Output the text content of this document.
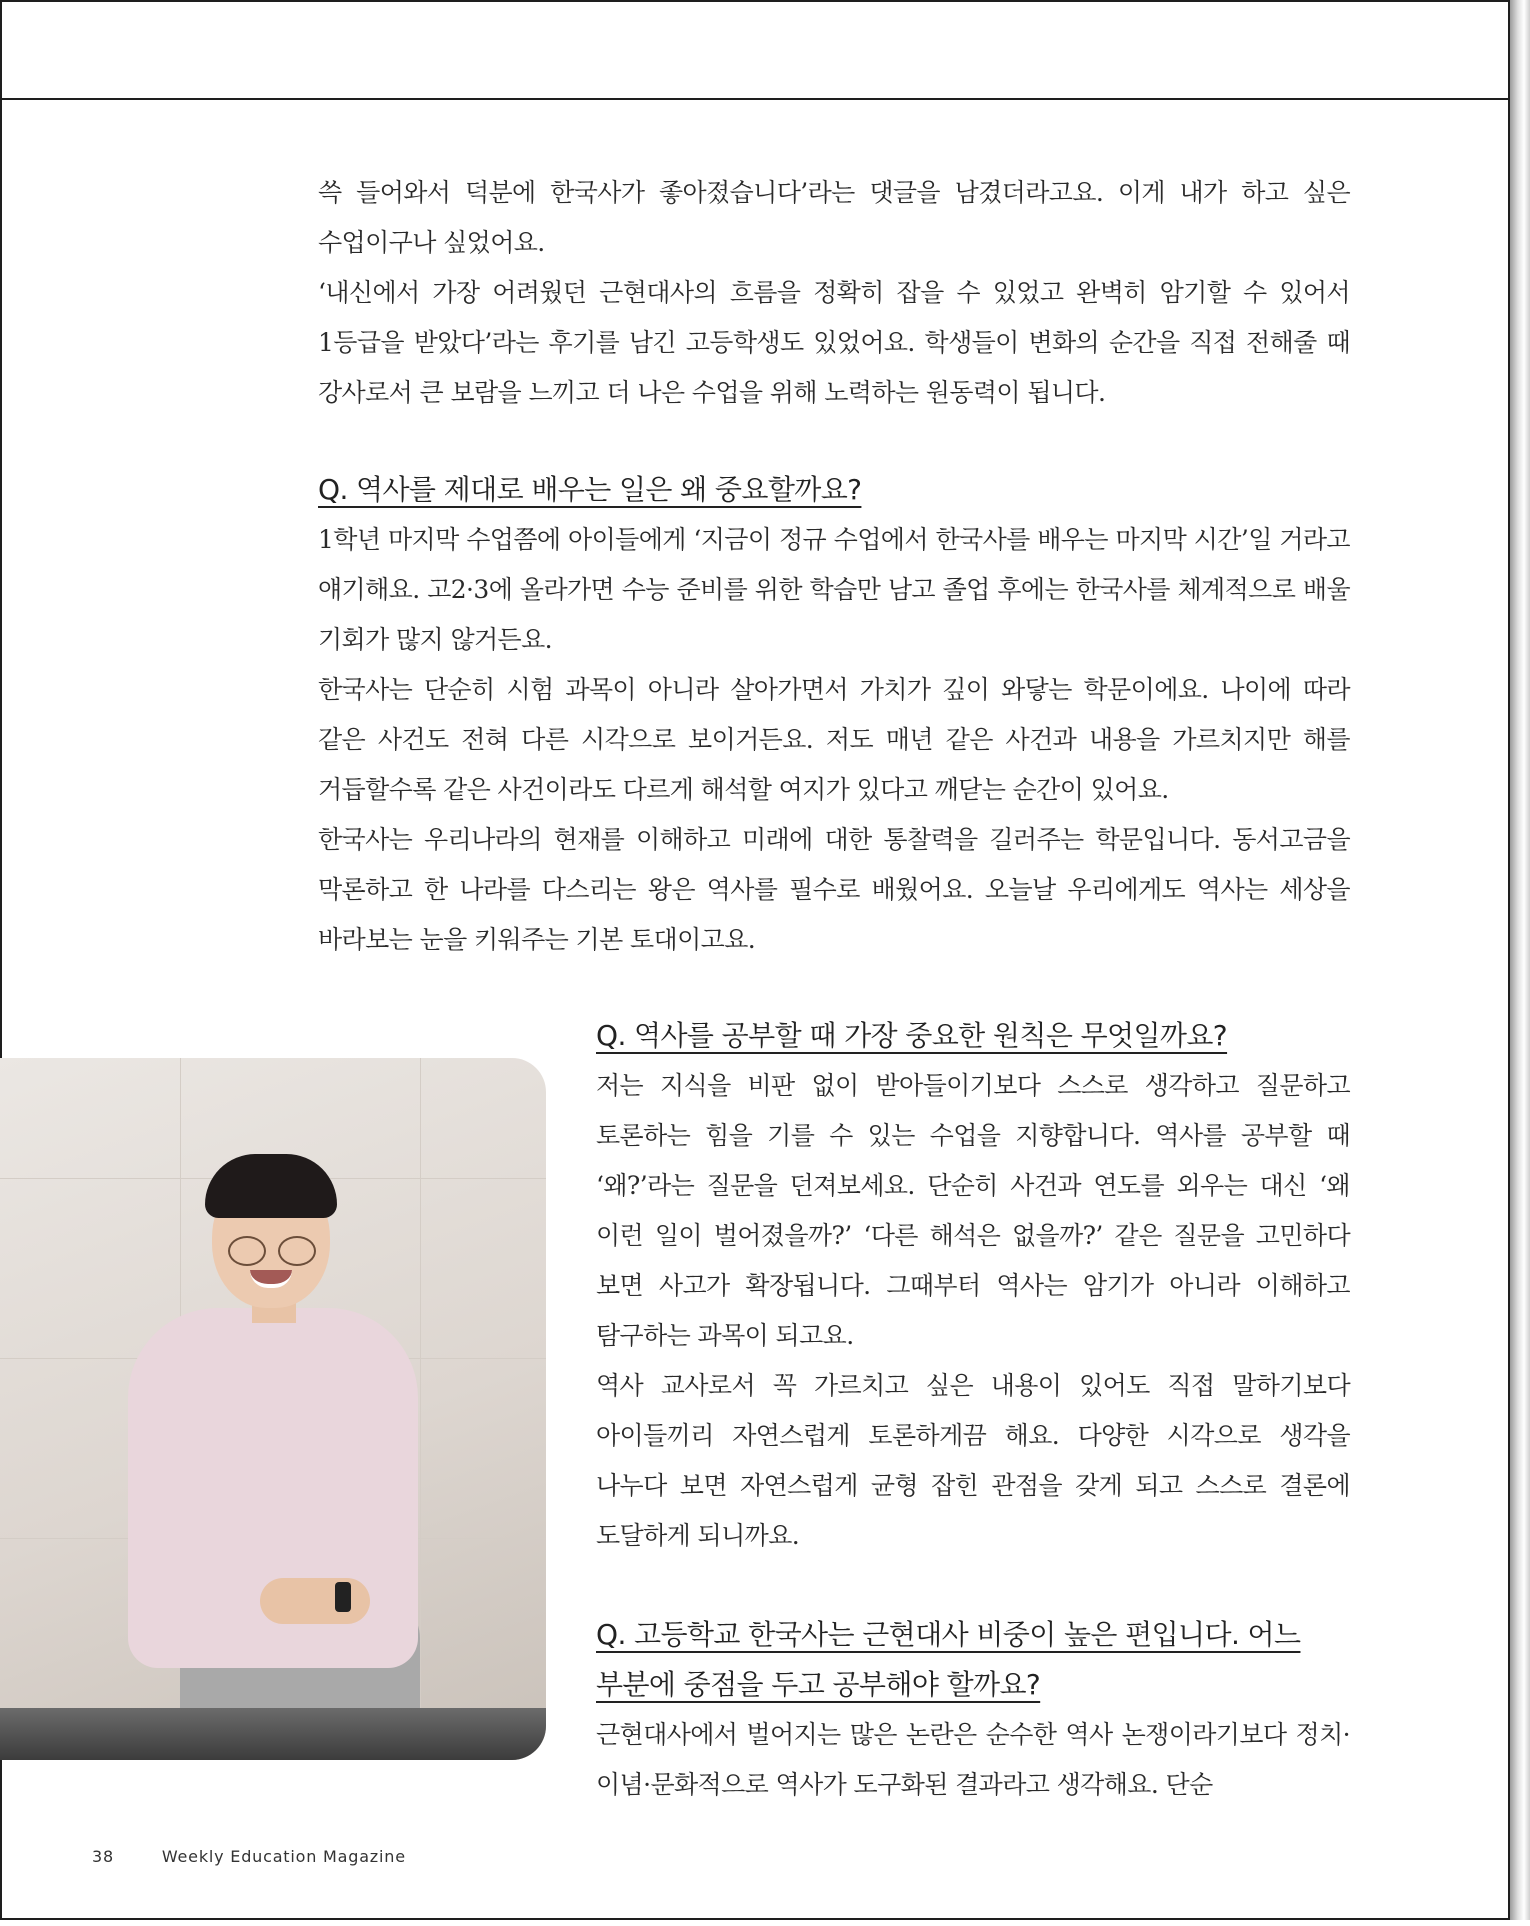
쓱 들어와서 덕분에 한국사가 좋아졌습니다’라는 댓글을 남겼더라고요. 이게 내가 하고 싶은 수업이구나 싶었어요.

‘내신에서 가장 어려웠던 근현대사의 흐름을 정확히 잡을 수 있었고 완벽히 암기할 수 있어서 1등급을 받았다’라는 후기를 남긴 고등학생도 있었어요. 학생들이 변화의 순간을 직접 전해줄 때 강사로서 큰 보람을 느끼고 더 나은 수업을 위해 노력하는 원동력이 됩니다.

Q. 역사를 제대로 배우는 일은 왜 중요할까요?

1학년 마지막 수업쯤에 아이들에게 ‘지금이 정규 수업에서 한국사를 배우는 마지막 시간’일 거라고 얘기해요. 고2·3에 올라가면 수능 준비를 위한 학습만 남고 졸업 후에는 한국사를 체계적으로 배울 기회가 많지 않거든요.

한국사는 단순히 시험 과목이 아니라 살아가면서 가치가 깊이 와닿는 학문이에요. 나이에 따라 같은 사건도 전혀 다른 시각으로 보이거든요. 저도 매년 같은 사건과 내용을 가르치지만 해를 거듭할수록 같은 사건이라도 다르게 해석할 여지가 있다고 깨닫는 순간이 있어요.

한국사는 우리나라의 현재를 이해하고 미래에 대한 통찰력을 길러주는 학문입니다. 동서고금을 막론하고 한 나라를 다스리는 왕은 역사를 필수로 배웠어요. 오늘날 우리에게도 역사는 세상을 바라보는 눈을 키워주는 기본 토대이고요.

Q. 역사를 공부할 때 가장 중요한 원칙은 무엇일까요?

저는 지식을 비판 없이 받아들이기보다 스스로 생각하고 질문하고 토론하는 힘을 기를 수 있는 수업을 지향합니다. 역사를 공부할 때 ‘왜?’라는 질문을 던져보세요. 단순히 사건과 연도를 외우는 대신 ‘왜 이런 일이 벌어졌을까?’ ‘다른 해석은 없을까?’ 같은 질문을 고민하다 보면 사고가 확장됩니다. 그때부터 역사는 암기가 아니라 이해하고 탐구하는 과목이 되고요.

역사 교사로서 꼭 가르치고 싶은 내용이 있어도 직접 말하기보다 아이들끼리 자연스럽게 토론하게끔 해요. 다양한 시각으로 생각을 나누다 보면 자연스럽게 균형 잡힌 관점을 갖게 되고 스스로 결론에 도달하게 되니까요.

Q. 고등학교 한국사는 근현대사 비중이 높은 편입니다. 어느 부분에 중점을 두고 공부해야 할까요?

근현대사에서 벌어지는 많은 논란은 순수한 역사 논쟁이라기보다 정치·이념·문화적으로 역사가 도구화된 결과라고 생각해요. 단순

38	Weekly Education Magazine
